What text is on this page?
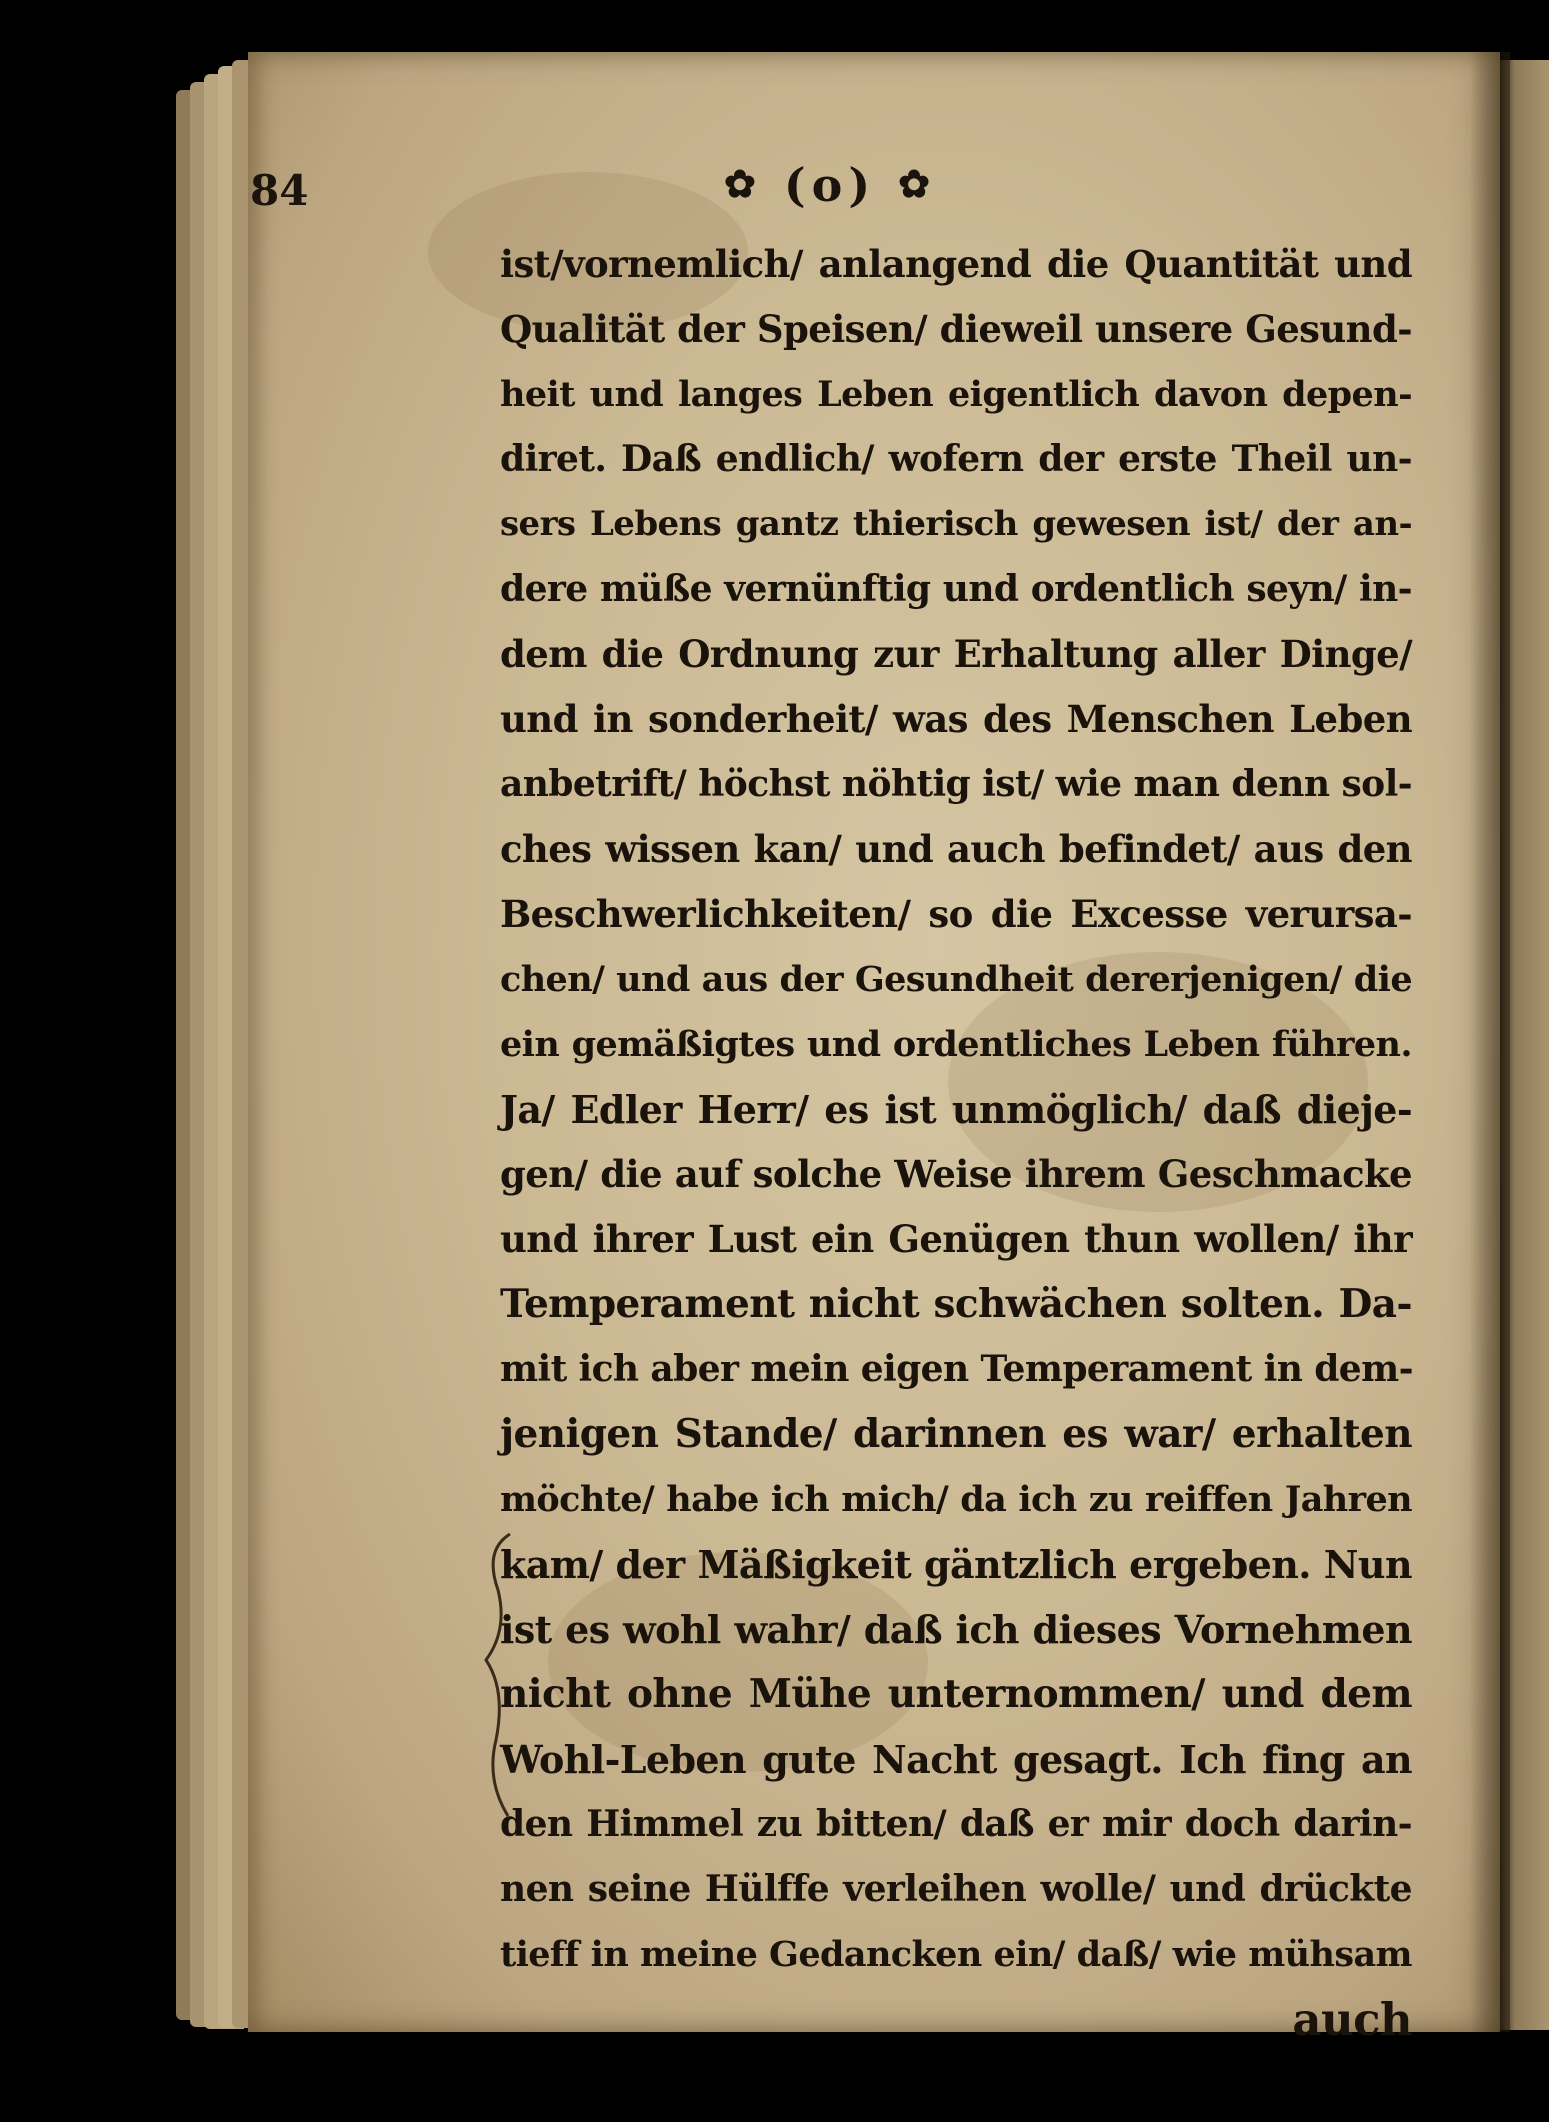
84	✿ (o) ✿
ist/vornemlich/ anlangend die Quantität und
Qualität der Speisen/ dieweil unsere Gesund-
heit und langes Leben eigentlich davon depen-
diret. Daß endlich/ wofern der erste Theil un-
sers Lebens gantz thierisch gewesen ist/ der an-
dere müße vernünftig und ordentlich seyn/ in-
dem die Ordnung zur Erhaltung aller Dinge/
und in sonderheit/ was des Menschen Leben
anbetrift/ höchst nöhtig ist/ wie man denn sol-
ches wissen kan/ und auch befindet/ aus den
Beschwerlichkeiten/ so die Excesse verursa-
chen/ und aus der Gesundheit dererjenigen/ die
ein gemäßigtes und ordentliches Leben führen.
Ja/ Edler Herr/ es ist unmöglich/ daß dieje-
gen/ die auf solche Weise ihrem Geschmacke
und ihrer Lust ein Genügen thun wollen/ ihr
Temperament nicht schwächen solten. Da-
mit ich aber mein eigen Temperament in dem-
jenigen Stande/ darinnen es war/ erhalten
möchte/ habe ich mich/ da ich zu reiffen Jahren
kam/ der Mäßigkeit gäntzlich ergeben. Nun
ist es wohl wahr/ daß ich dieses Vornehmen
nicht ohne Mühe unternommen/ und dem
Wohl-Leben gute Nacht gesagt. Ich fing an
den Himmel zu bitten/ daß er mir doch darin-
nen seine Hülffe verleihen wolle/ und drückte
tieff in meine Gedancken ein/ daß/ wie mühsam
auch
